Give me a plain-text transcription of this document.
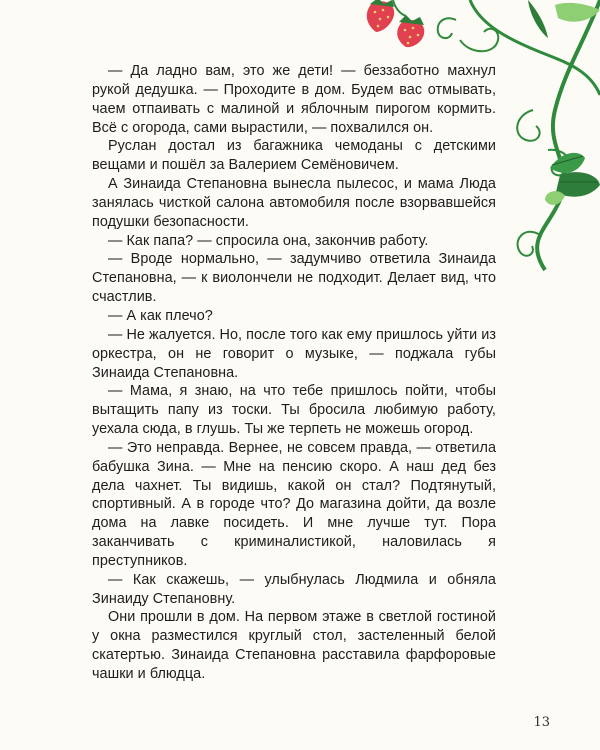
— Да ладно вам, это же дети! — беззаботно махнул рукой дедушка. — Проходите в дом. Будем вас отмывать, чаем отпаивать с малиной и яблочным пирогом кормить. Всё с огорода, сами вырастили, — похвалился он.

Руслан достал из багажника чемоданы с детскими вещами и пошёл за Валерием Семёновичем.

А Зинаида Степановна вынесла пылесос, и мама Люда занялась чисткой салона автомобиля после взорвавшейся подушки безопасности.

— Как папа? — спросила она, закончив работу.

— Вроде нормально, — задумчиво ответила Зинаида Степановна, — к виолончели не подходит. Делает вид, что счастлив.

— А как плечо?

— Не жалуется. Но, после того как ему пришлось уйти из оркестра, он не говорит о музыке, — поджала губы Зинаида Степановна.

— Мама, я знаю, на что тебе пришлось пойти, чтобы вытащить папу из тоски. Ты бросила любимую работу, уехала сюда, в глушь. Ты же терпеть не можешь огород.

— Это неправда. Вернее, не совсем правда, — ответила бабушка Зина. — Мне на пенсию скоро. А наш дед без дела чахнет. Ты видишь, какой он стал? Подтянутый, спортивный. А в городе что? До магазина дойти, да возле дома на лавке посидеть. И мне лучше тут. Пора заканчивать с криминалистикой, наловилась я преступников.

— Как скажешь, — улыбнулась Людмила и обняла Зинаиду Степановну.

Они прошли в дом. На первом этаже в светлой гостиной у окна разместился круглый стол, застеленный белой скатертью. Зинаида Степановна расставила фарфоровые чашки и блюдца.

13
